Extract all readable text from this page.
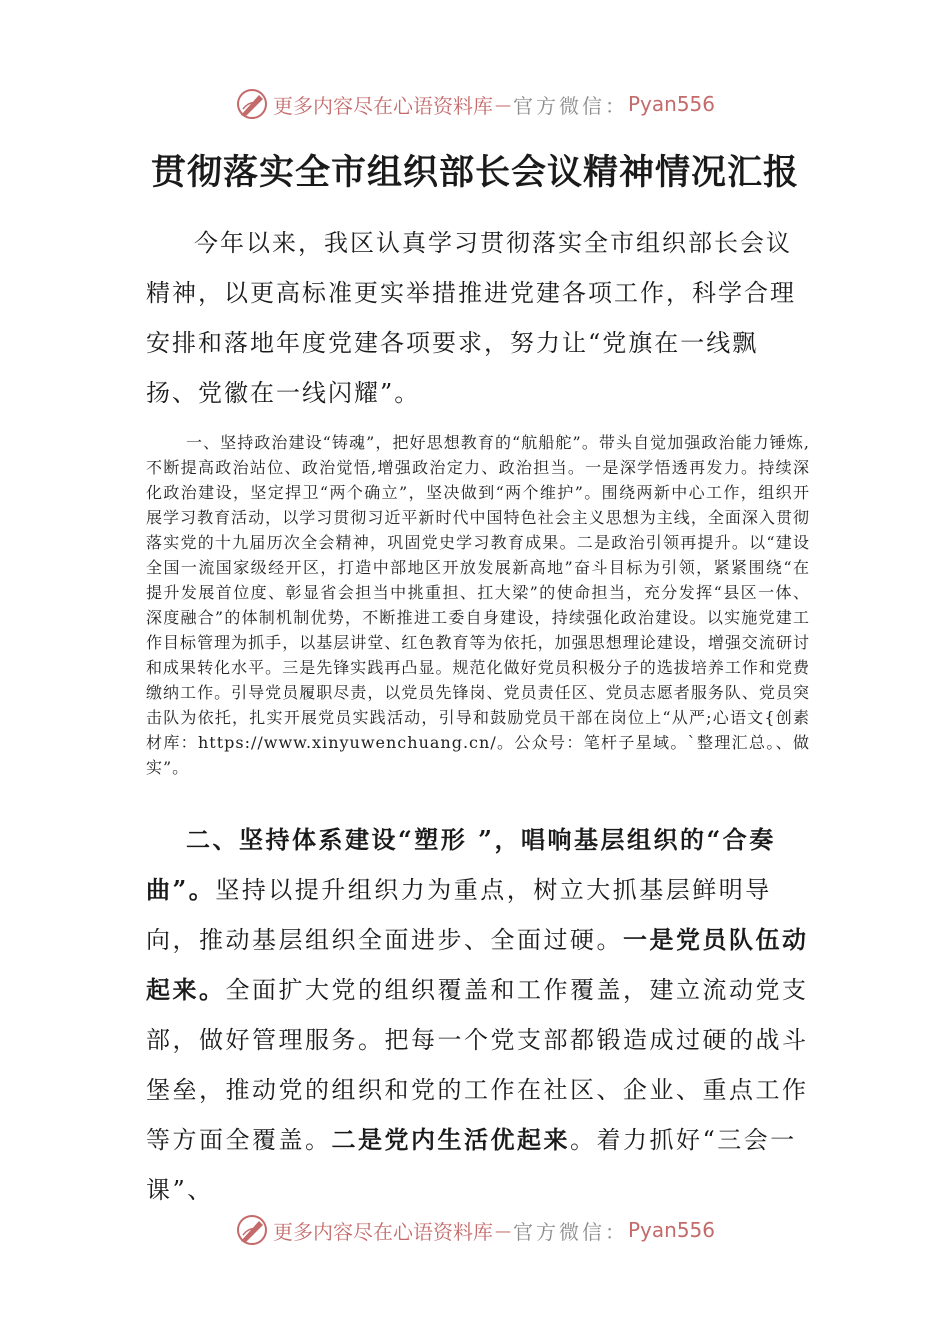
更多内容尽在心语资料库 — 官方微信： Pyan556
贯彻落实全市组织部长会议精神情况汇报

今年以来，我区认真学习贯彻落实全市组织部长会议精神，以更高标准更实举措推进党建各项工作，科学合理安排和落地年度党建各项要求，努力让“党旗在一线飘扬、党徽在一线闪耀”。

一、坚持政治建设“铸魂”，把好思想教育的“航船舵”。带头自觉加强政治能力锤炼,不断提高政治站位、政治觉悟,增强政治定力、政治担当。一是深学悟透再发力。持续深化政治建设，坚定捍卫“两个确立”，坚决做到“两个维护”。围绕两新中心工作，组织开展学习教育活动，以学习贯彻习近平新时代中国特色社会主义思想为主线，全面深入贯彻落实党的十九届历次全会精神，巩固党史学习教育成果。二是政治引领再提升。以“建设全国一流国家级经开区，打造中部地区开放发展新高地”奋斗目标为引领，紧紧围绕“在提升发展首位度、彰显省会担当中挑重担、扛大梁”的使命担当，充分发挥“县区一体、深度融合”的体制机制优势，不断推进工委自身建设，持续强化政治建设。以实施党建工作目标管理为抓手，以基层讲堂、红色教育等为依托，加强思想理论建设，增强交流研讨和成果转化水平。三是先锋实践再凸显。规范化做好党员积极分子的选拔培养工作和党费缴纳工作。引导党员履职尽责，以党员先锋岗、党员责任区、党员志愿者服务队、党员突击队为依托，扎实开展党员实践活动，引导和鼓励党员干部在岗位上“从严;心语文{创素材库：https://www.xinyuwenchuang.cn/。公众号：笔杆子星域。`整理汇总。、做实”。

二、坚持体系建设“塑形 ”，唱响基层组织的“合奏曲”。坚持以提升组织力为重点，树立大抓基层鲜明导向，推动基层组织全面进步、全面过硬。一是党员队伍动起来。全面扩大党的组织覆盖和工作覆盖，建立流动党支部，做好管理服务。把每一个党支部都锻造成过硬的战斗堡垒，推动党的组织和党的工作在社区、企业、重点工作等方面全覆盖。二是党内生活优起来。着力抓好“三会一课”、

更多内容尽在心语资料库 — 官方微信： Pyan556
